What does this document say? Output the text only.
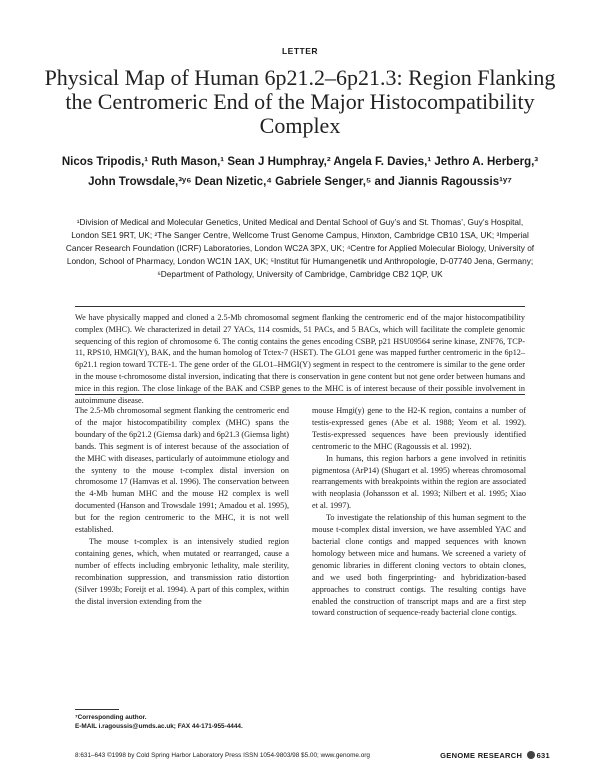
LETTER
Physical Map of Human 6p21.2–6p21.3: Region Flanking the Centromeric End of the Major Histocompatibility Complex
Nicos Tripodis,¹ Ruth Mason,¹ Sean J Humphray,² Angela F. Davies,¹ Jethro A. Herberg,³ John Trowsdale,³ʸ⁶ Dean Nizetic,⁴ Gabriele Senger,⁵ and Jiannis Ragoussis¹ʸ⁷
¹Division of Medical and Molecular Genetics, United Medical and Dental School of Guy’s and St. Thomas’, Guy’s Hospital, London SE1 9RT, UK; ²The Sanger Centre, Wellcome Trust Genome Campus, Hinxton, Cambridge CB10 1SA, UK; ³Imperial Cancer Research Foundation (ICRF) Laboratories, London WC2A 3PX, UK; ⁴Centre for Applied Molecular Biology, University of London, School of Pharmacy, London WC1N 1AX, UK; ⁵Institut für Humangenetik und Anthropologie, D-07740 Jena, Germany; ⁶Department of Pathology, University of Cambridge, Cambridge CB2 1QP, UK
We have physically mapped and cloned a 2.5-Mb chromosomal segment flanking the centromeric end of the major histocompatibility complex (MHC). We characterized in detail 27 YACs, 114 cosmids, 51 PACs, and 5 BACs, which will facilitate the complete genomic sequencing of this region of chromosome 6. The contig contains the genes encoding CSBP, p21 HSU09564 serine kinase, ZNF76, TCP-11, RPS10, HMGI(Y), BAK, and the human homolog of Tctex-7 (HSET). The GLO1 gene was mapped further centromeric in the 6p12–6p21.1 region toward TCTE-1. The gene order of the GLO1–HMGI(Y) segment in respect to the centromere is similar to the gene order in the mouse t-chromosome distal inversion, indicating that there is conservation in gene content but not gene order between humans and mice in this region. The close linkage of the BAK and CSBP genes to the MHC is of interest because of their possible involvement in autoimmune disease.

The 2.5-Mb chromosomal segment flanking the centromeric end of the major histocompatibility complex (MHC) spans the boundary of the 6p21.2 (Giemsa dark) and 6p21.3 (Giemsa light) bands. This segment is of interest because of the association of the MHC with diseases, particularly of autoimmune etiology and the synteny to the mouse t-complex distal inversion on chromosome 17 (Hamvas et al. 1996). The conservation between the 4-Mb human MHC and the mouse H2 complex is well documented (Hanson and Trowsdale 1991; Amadou et al. 1995), but for the region centromeric to the MHC, it is not well established.

The mouse t-complex is an intensively studied region containing genes, which, when mutated or rearranged, cause a number of effects including embryonic lethality, male sterility, recombination suppression, and transmission ratio distortion (Silver 1993b; Foreijt et al. 1994). A part of this complex, within the distal inversion extending from the

mouse Hmgi(y) gene to the H2-K region, contains a number of testis-expressed genes (Abe et al. 1988; Yeom et al. 1992). Testis-expressed sequences have been previously identified centromeric to the MHC (Ragoussis et al. 1992).

In humans, this region harbors a gene involved in retinitis pigmentosa (ArP14) (Shugart et al. 1995) whereas chromosomal rearrangements with breakpoints within the region are associated with neoplasia (Johansson et al. 1993; Nilbert et al. 1995; Xiao et al. 1997).

To investigate the relationship of this human segment to the mouse t-complex distal inversion, we have assembled YAC and bacterial clone contigs and mapped sequences with known homology between mice and humans. We screened a variety of genomic libraries in different cloning vectors to obtain clones, and we used both fingerprinting- and hybridization-based approaches to construct contigs. The resulting contigs have enabled the construction of transcript maps and are a first step toward construction of sequence-ready bacterial clone contigs.

⁷Corresponding author.
E-MAIL i.ragoussis@umds.ac.uk; FAX 44-171-955-4444.
8:631–643 ©1998 by Cold Spring Harbor Laboratory Press ISSN 1054-9803/98 $5.00; www.genome.org	GENOME RESEARCH 631
